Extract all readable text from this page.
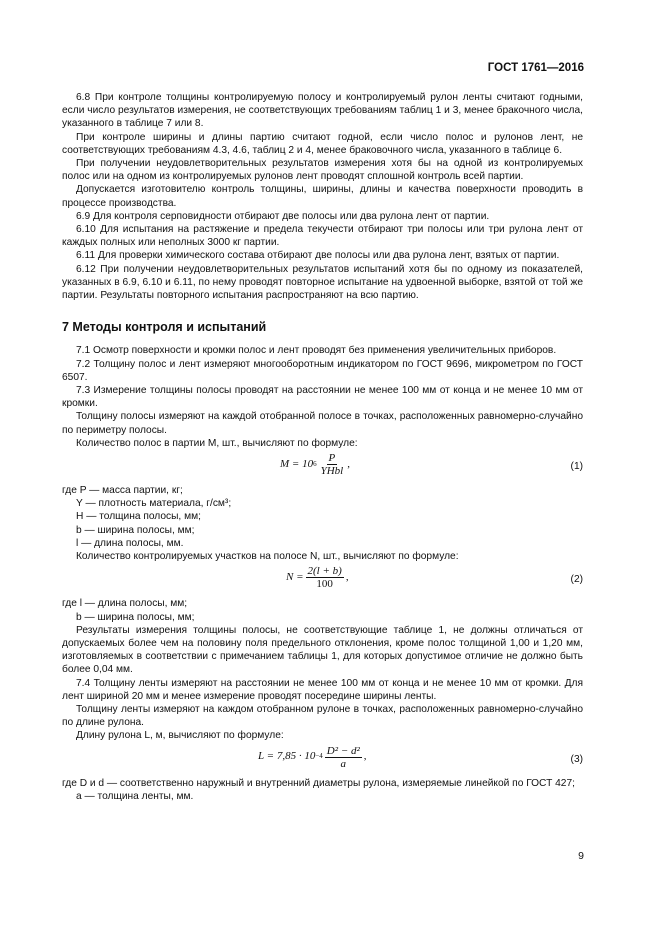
ГОСТ 1761—2016

6.8 При контроле толщины контролируемую полосу и контролируемый рулон ленты считают годными, если число результатов измерения, не соответствующих требованиям таблиц 1 и 3, менее бракочного числа, указанного в таблице 7 или 8.

При контроле ширины и длины партию считают годной, если число полос и рулонов лент, не соответствующих требованиям 4.3, 4.6, таблиц 2 и 4, менее браковочного числа, указанного в таблице 6.

При получении неудовлетворительных результатов измерения хотя бы на одной из контролируемых полос или на одном из контролируемых рулонов лент проводят сплошной контроль всей партии.

Допускается изготовителю контроль толщины, ширины, длины и качества поверхности проводить в процессе производства.

6.9 Для контроля серповидности отбирают две полосы или два рулона лент от партии.

6.10 Для испытания на растяжение и предела текучести отбирают три полосы или три рулона лент от каждых полных или неполных 3000 кг партии.

6.11 Для проверки химического состава отбирают две полосы или два рулона лент, взятых от партии.

6.12 При получении неудовлетворительных результатов испытаний хотя бы по одному из показателей, указанных в 6.9, 6.10 и 6.11, по нему проводят повторное испытание на удвоенной выборке, взятой от той же партии. Результаты повторного испытания распространяют на всю партию.

7 Методы контроля и испытаний

7.1 Осмотр поверхности и кромки полос и лент проводят без применения увеличительных приборов.

7.2 Толщину полос и лент измеряют многооборотным индикатором по ГОСТ 9696, микрометром по ГОСТ 6507.

7.3 Измерение толщины полосы проводят на расстоянии не менее 100 мм от конца и не менее 10 мм от кромки.

Толщину полосы измеряют на каждой отобранной полосе в точках, расположенных равномерно-случайно по периметру полосы.

Количество полос в партии M, шт., вычисляют по формуле:

M = 10 $6 \frac{P}{\text{YHbl}}$ ,	(1)

где P — масса партии, кг;

Y — плотность материала, г/см³;

H — толщина полосы, мм;

b — ширина полосы, мм;

l — длина полосы, мм.

Количество контролируемых участков на полосе N, шт., вычисляют по формуле:

$N = \frac{2(l + b)}{100}$ ,	(2)

где l — длина полосы, мм;

b — ширина полосы, мм;

Результаты измерения толщины полосы, не соответствующие таблице 1, не должны отличаться от допускаемых более чем на половину поля предельного отклонения, кроме полос толщиной 1,00 и 1,20 мм, изготовляемых в соответствии с примечанием таблицы 1, для которых допустимое отличие не должно быть более 0,04 мм.

7.4 Толщину ленты измеряют на расстоянии не менее 100 мм от конца и не менее 10 мм от кромки. Для лент шириной 20 мм и менее измерение проводят посередине ширины ленты.

Толщину ленты измеряют на каждом отобранном рулоне в точках, расположенных равномерно-случайно по длине рулона.

Длину рулона L, м, вычисляют по формуле:

$L = 7,85 \cdot 10 -4 \frac{\text{D² − d²}}{a}$ ,	(3)

где D и d — соответственно наружный и внутренний диаметры рулона, измеряемые линейкой по ГОСТ 427;

a — толщина ленты, мм.

9
